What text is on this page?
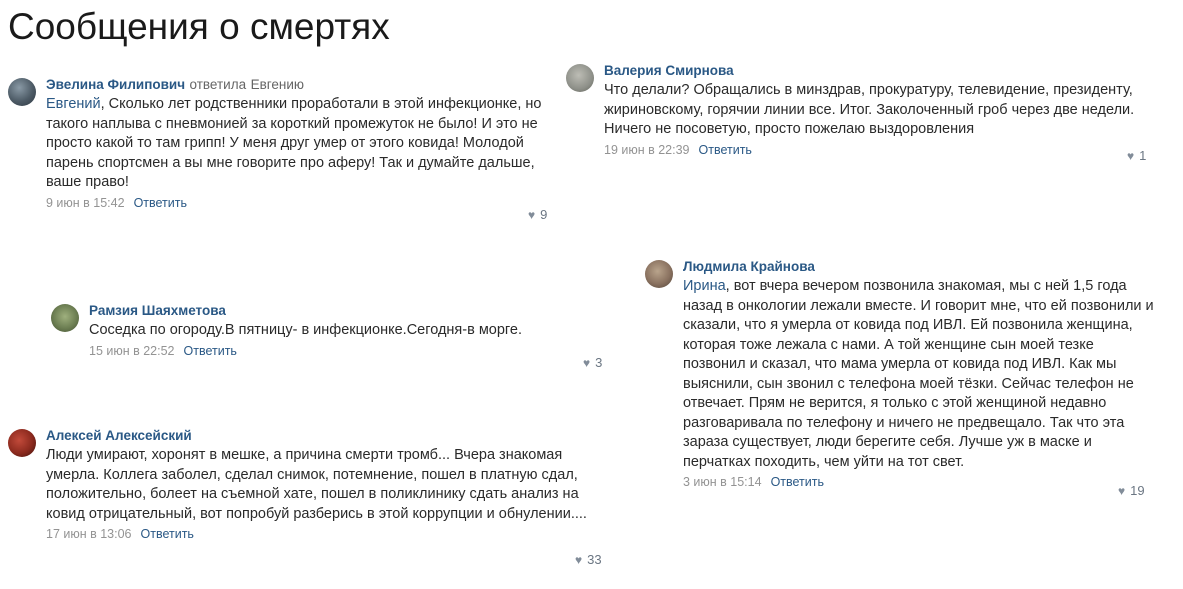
Сообщения о смертях
Эвелина Филипович ответила Евгению
Евгений, Сколько лет родственники проработали в этой инфекционке, но такого наплыва с пневмонией за короткий промежуток не было! И это не просто какой то там грипп! У меня друг умер от этого ковида! Молодой парень спортсмен а вы мне говорите про аферу! Так и думайте дальше, ваше право!
9 июн в 15:42 Ответить
♥ 9
Валерия Смирнова
Что делали? Обращались в минздрав, прокуратуру, телевидение, президенту, жириновскому, горячии линии все. Итог. Заколоченный гроб через две недели. Ничего не посоветую, просто пожелаю выздоровления
19 июн в 22:39 Ответить	♥ 1
Рамзия Шаяхметова
Соседка по огороду.В пятницу- в инфекционке.Сегодня-в морге.
15 июн в 22:52 Ответить
♥ 3
Людмила Крайнова
Ирина, вот вчера вечером позвонила знакомая, мы с ней 1,5 года назад в онкологии лежали вместе. И говорит мне, что ей позвонили и сказали, что я умерла от ковида под ИВЛ. Ей позвонила женщина, которая тоже лежала с нами. А той женщине сын моей тезке позвонил и сказал, что мама умерла от ковида под ИВЛ. Как мы выяснили, сын звонил с телефона моей тёзки. Сейчас телефон не отвечает. Прям не верится, я только с этой женщиной недавно разговаривала по телефону и ничего не предвещало. Так что эта зараза существует, люди берегите себя. Лучше уж в маске и перчатках походить, чем уйти на тот свет.
3 июн в 15:14 Ответить
♥ 19
Алексей Алексейский
Люди умирают, хоронят в мешке, а причина смерти тромб... Вчера знакомая умерла. Коллега заболел, сделал снимок, потемнение, пошел в платную сдал, положительно, болеет на съемной хате, пошел в поликлинику сдать анализ на ковид отрицательный, вот попробуй разберись в этой коррупции и обнулении....
17 июн в 13:06 Ответить
♥ 33
